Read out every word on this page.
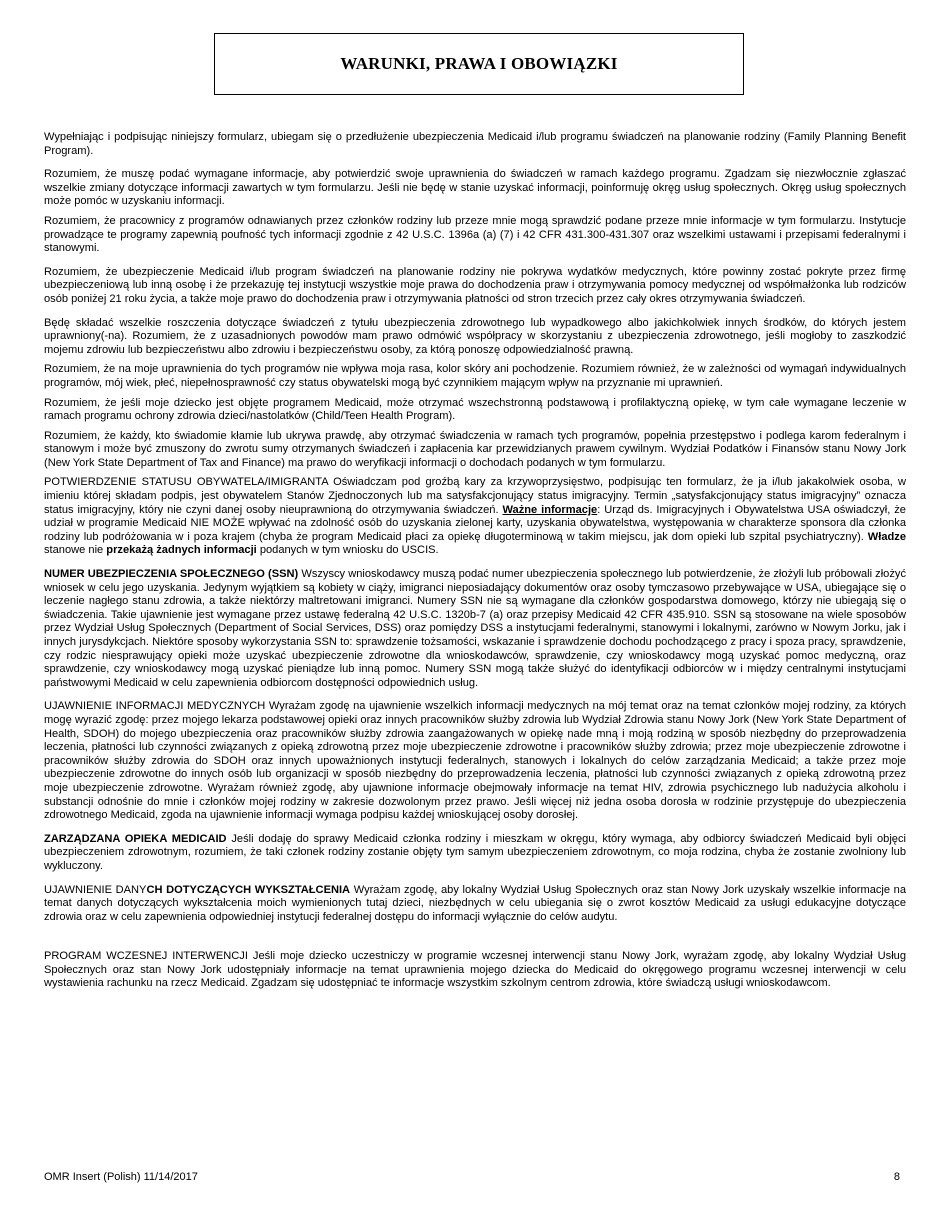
WARUNKI, PRAWA I OBOWIĄZKI

Wypełniając i podpisując niniejszy formularz, ubiegam się o przedłużenie ubezpieczenia Medicaid i/lub programu świadczeń na planowanie rodziny (Family Planning Benefit Program).

Rozumiem, że muszę podać wymagane informacje, aby potwierdzić swoje uprawnienia do świadczeń w ramach każdego programu. Zgadzam się niezwłocznie zgłaszać wszelkie zmiany dotyczące informacji zawartych w tym formularzu. Jeśli nie będę w stanie uzyskać informacji, poinformuję okręg usług społecznych. Okręg usług społecznych może pomóc w uzyskaniu informacji.

Rozumiem, że pracownicy z programów odnawianych przez członków rodziny lub przeze mnie mogą sprawdzić podane przeze mnie informacje w tym formularzu. Instytucje prowadzące te programy zapewnią poufność tych informacji zgodnie z 42 U.S.C. 1396a (a) (7) i 42 CFR 431.300-431.307 oraz wszelkimi ustawami i przepisami federalnymi i stanowymi.

Rozumiem, że ubezpieczenie Medicaid i/lub program świadczeń na planowanie rodziny nie pokrywa wydatków medycznych, które powinny zostać pokryte przez firmę ubezpieczeniową lub inną osobę i że przekazuję tej instytucji wszystkie moje prawa do dochodzenia praw i otrzymywania pomocy medycznej od współmałżonka lub rodziców osób poniżej 21 roku życia, a także moje prawo do dochodzenia praw i otrzymywania płatności od stron trzecich przez cały okres otrzymywania świadczeń.

Będę składać wszelkie roszczenia dotyczące świadczeń z tytułu ubezpieczenia zdrowotnego lub wypadkowego albo jakichkolwiek innych środków, do których jestem uprawniony(-na). Rozumiem, że z uzasadnionych powodów mam prawo odmówić współpracy w skorzystaniu z ubezpieczenia zdrowotnego, jeśli mogłoby to zaszkodzić mojemu zdrowiu lub bezpieczeństwu albo zdrowiu i bezpieczeństwu osoby, za którą ponoszę odpowiedzialność prawną.

Rozumiem, że na moje uprawnienia do tych programów nie wpływa moja rasa, kolor skóry ani pochodzenie. Rozumiem również, że w zależności od wymagań indywidualnych programów, mój wiek, płeć, niepełnosprawność czy status obywatelski mogą być czynnikiem mającym wpływ na przyznanie mi uprawnień.

Rozumiem, że jeśli moje dziecko jest objęte programem Medicaid, może otrzymać wszechstronną podstawową i profilaktyczną opiekę, w tym całe wymagane leczenie w ramach programu ochrony zdrowia dzieci/nastolatków (Child/Teen Health Program).

Rozumiem, że każdy, kto świadomie kłamie lub ukrywa prawdę, aby otrzymać świadczenia w ramach tych programów, popełnia przestępstwo i podlega karom federalnym i stanowym i może być zmuszony do zwrotu sumy otrzymanych świadczeń i zapłacenia kar przewidzianych prawem cywilnym. Wydział Podatków i Finansów stanu Nowy Jork (New York State Department of Tax and Finance) ma prawo do weryfikacji informacji o dochodach podanych w tym formularzu.

POTWIERDZENIE STATUSU OBYWATELA/IMIGRANTA Oświadczam pod groźbą kary za krzywoprzysięstwo, podpisując ten formularz, że ja i/lub jakakolwiek osoba, w imieniu której składam podpis, jest obywatelem Stanów Zjednoczonych lub ma satysfakcjonujący status imigracyjny. Termin „satysfakcjonujący status imigracyjny” oznacza status imigracyjny, który nie czyni danej osoby nieuprawnioną do otrzymywania świadczeń. Ważne informacje: Urząd ds. Imigracyjnych i Obywatelstwa USA oświadczył, że udział w programie Medicaid NIE MOŻE wpływać na zdolność osób do uzyskania zielonej karty, uzyskania obywatelstwa, występowania w charakterze sponsora dla członka rodziny lub podróżowania w i poza krajem (chyba że program Medicaid płaci za opiekę długoterminową w takim miejscu, jak dom opieki lub szpital psychiatryczny). Władze stanowe nie przekażą żadnych informacji podanych w tym wniosku do USCIS.

NUMER UBEZPIECZENIA SPOŁECZNEGO (SSN) Wszyscy wnioskodawcy muszą podać numer ubezpieczenia społecznego lub potwierdzenie, że złożyli lub próbowali złożyć wniosek w celu jego uzyskania. Jedynym wyjątkiem są kobiety w ciąży, imigranci nieposiadający dokumentów oraz osoby tymczasowo przebywające w USA, ubiegające się o leczenie nagłego stanu zdrowia, a także niektórzy maltretowani imigranci. Numery SSN nie są wymagane dla członków gospodarstwa domowego, którzy nie ubiegają się o świadczenia. Takie ujawnienie jest wymagane przez ustawę federalną 42 U.S.C. 1320b-7 (a) oraz przepisy Medicaid 42 CFR 435.910. SSN są stosowane na wiele sposobów przez Wydział Usług Społecznych (Department of Social Services, DSS) oraz pomiędzy DSS a instytucjami federalnymi, stanowymi i lokalnymi, zarówno w Nowym Jorku, jak i innych jurysdykcjach. Niektóre sposoby wykorzystania SSN to: sprawdzenie tożsamości, wskazanie i sprawdzenie dochodu pochodzącego z pracy i spoza pracy, sprawdzenie, czy rodzic niesprawujący opieki może uzyskać ubezpieczenie zdrowotne dla wnioskodawców, sprawdzenie, czy wnioskodawcy mogą uzyskać pomoc medyczną, oraz sprawdzenie, czy wnioskodawcy mogą uzyskać pieniądze lub inną pomoc. Numery SSN mogą także służyć do identyfikacji odbiorców w i między centralnymi instytucjami państwowymi Medicaid w celu zapewnienia odbiorcom dostępności odpowiednich usług.

UJAWNIENIE INFORMACJI MEDYCZNYCH Wyrażam zgodę na ujawnienie wszelkich informacji medycznych na mój temat oraz na temat członków mojej rodziny, za których mogę wyrazić zgodę: przez mojego lekarza podstawowej opieki oraz innych pracowników służby zdrowia lub Wydział Zdrowia stanu Nowy Jork (New York State Department of Health, SDOH) do mojego ubezpieczenia oraz pracowników służby zdrowia zaangażowanych w opiekę nade mną i moją rodziną w sposób niezbędny do przeprowadzenia leczenia, płatności lub czynności związanych z opieką zdrowotną przez moje ubezpieczenie zdrowotne i pracowników służby zdrowia; przez moje ubezpieczenie zdrowotne i pracowników służby zdrowia do SDOH oraz innych upoważnionych instytucji federalnych, stanowych i lokalnych do celów zarządzania Medicaid; a także przez moje ubezpieczenie zdrowotne do innych osób lub organizacji w sposób niezbędny do przeprowadzenia leczenia, płatności lub czynności związanych z opieką zdrowotną przez moje ubezpieczenie zdrowotne. Wyrażam również zgodę, aby ujawnione informacje obejmowały informacje na temat HIV, zdrowia psychicznego lub nadużycia alkoholu i substancji odnośnie do mnie i członków mojej rodziny w zakresie dozwolonym przez prawo. Jeśli więcej niż jedna osoba dorosła w rodzinie przystępuje do ubezpieczenia zdrowotnego Medicaid, zgoda na ujawnienie informacji wymaga podpisu każdej wnioskującej osoby dorosłej.

ZARZĄDZANA OPIEKA MEDICAID Jeśli dodaję do sprawy Medicaid członka rodziny i mieszkam w okręgu, który wymaga, aby odbiorcy świadczeń Medicaid byli objęci ubezpieczeniem zdrowotnym, rozumiem, że taki członek rodziny zostanie objęty tym samym ubezpieczeniem zdrowotnym, co moja rodzina, chyba że zostanie zwolniony lub wykluczony.

UJAWNIENIE DANYCH DOTYCZĄCYCH WYKSZTAŁCENIA Wyrażam zgodę, aby lokalny Wydział Usług Społecznych oraz stan Nowy Jork uzyskały wszelkie informacje na temat danych dotyczących wykształcenia moich wymienionych tutaj dzieci, niezbędnych w celu ubiegania się o zwrot kosztów Medicaid za usługi edukacyjne dotyczące zdrowia oraz w celu zapewnienia odpowiedniej instytucji federalnej dostępu do informacji wyłącznie do celów audytu.

PROGRAM WCZESNEJ INTERWENCJI Jeśli moje dziecko uczestniczy w programie wczesnej interwencji stanu Nowy Jork, wyrażam zgodę, aby lokalny Wydział Usług Społecznych oraz stan Nowy Jork udostępniały informacje na temat uprawnienia mojego dziecka do Medicaid do okręgowego programu wczesnej interwencji w celu wystawienia rachunku na rzecz Medicaid. Zgadzam się udostępniać te informacje wszystkim szkolnym centrom zdrowia, które świadczą usługi wnioskodawcom.

OMR Insert (Polish) 11/14/2017	8
